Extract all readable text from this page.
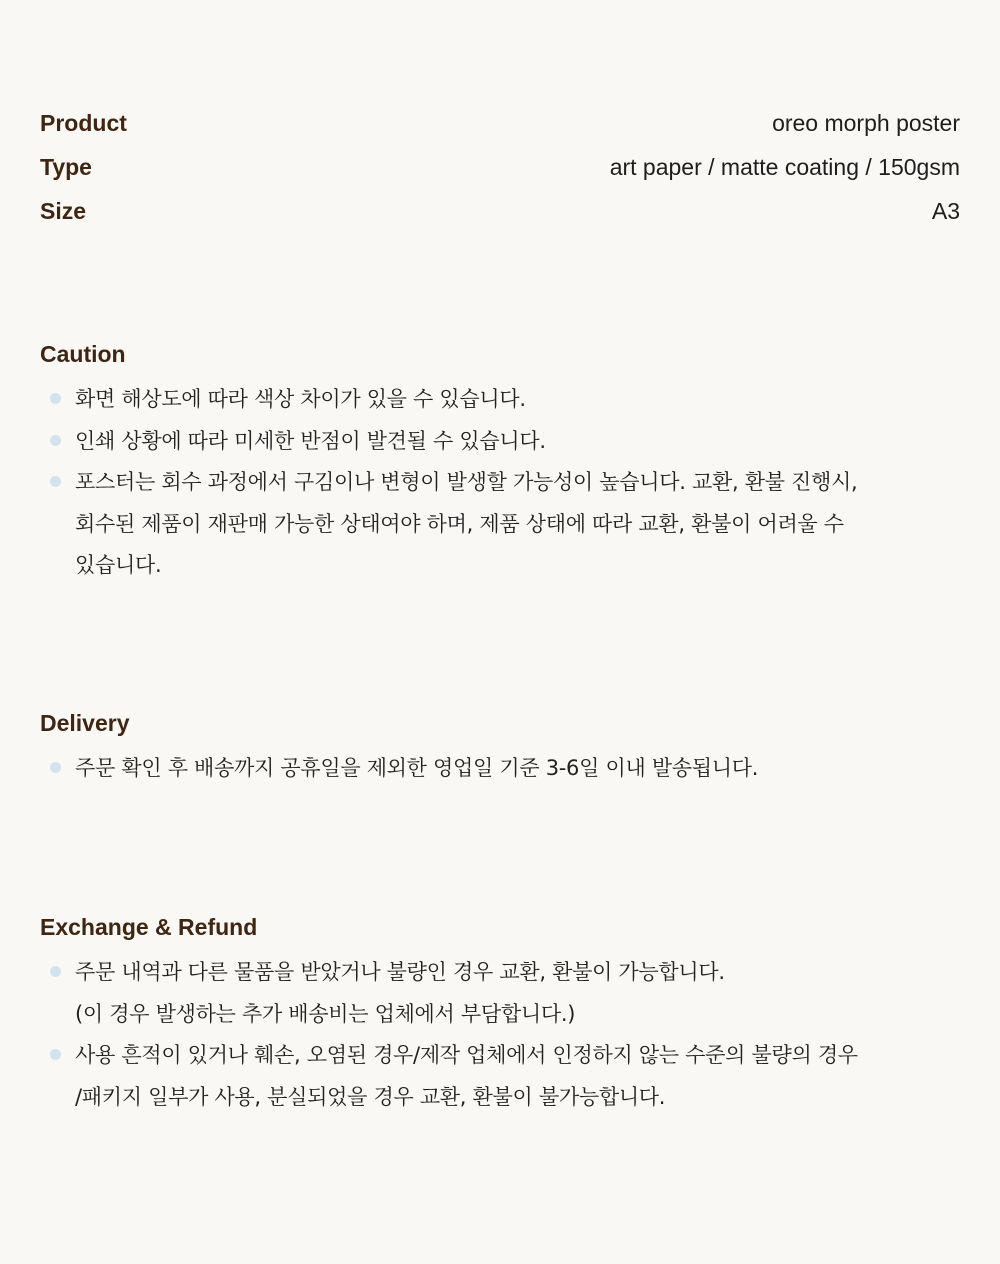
Product	oreo morph poster
Type	art paper / matte coating / 150gsm
Size	A3
Caution
화면 해상도에 따라 색상 차이가 있을 수 있습니다.
인쇄 상황에 따라 미세한 반점이 발견될 수 있습니다.
포스터는 회수 과정에서 구김이나 변형이 발생할 가능성이 높습니다. 교환, 환불 진행시,
회수된 제품이 재판매 가능한 상태여야 하며, 제품 상태에 따라 교환, 환불이 어려울 수
있습니다.
Delivery
주문 확인 후 배송까지 공휴일을 제외한 영업일 기준 3-6일 이내 발송됩니다.
Exchange & Refund
주문 내역과 다른 물품을 받았거나 불량인 경우 교환, 환불이 가능합니다.
(이 경우 발생하는 추가 배송비는 업체에서 부담합니다.)
사용 흔적이 있거나 훼손, 오염된 경우/제작 업체에서 인정하지 않는 수준의 불량의 경우
/패키지 일부가 사용, 분실되었을 경우 교환, 환불이 불가능합니다.
